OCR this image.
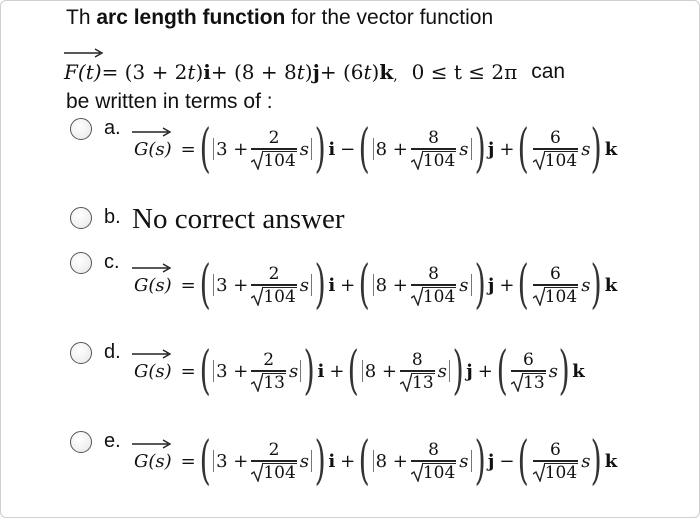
Th arc length function for the vector function
F(t) = (3 + 2 t ) i + (8 + 8 t ) j + (6 t ) k , 0 ≤ t ≤ 2π can
be written in terms of :
a.
G(s) = ( $3 + \frac{2}{104}$ s ) i − ( $8 + \frac{8}{104}$ s ) j + ( $\frac{6}{104}$ s ) k
b. No correct answer
c.
G(s) = ( $3 + \frac{2}{104}$ s ) i + ( $8 + \frac{8}{104}$ s ) j + ( $\frac{6}{104}$ s ) k
d.
G(s) = ( $3 + \frac{2}{13}$ s ) i + ( $8 + \frac{8}{13}$ s ) j + ( $\frac{6}{13}$ s ) k
e.
G(s) = ( $3 + \frac{2}{104}$ s ) i + ( $8 + \frac{8}{104}$ s ) j − ( $\frac{6}{104}$ s ) k
